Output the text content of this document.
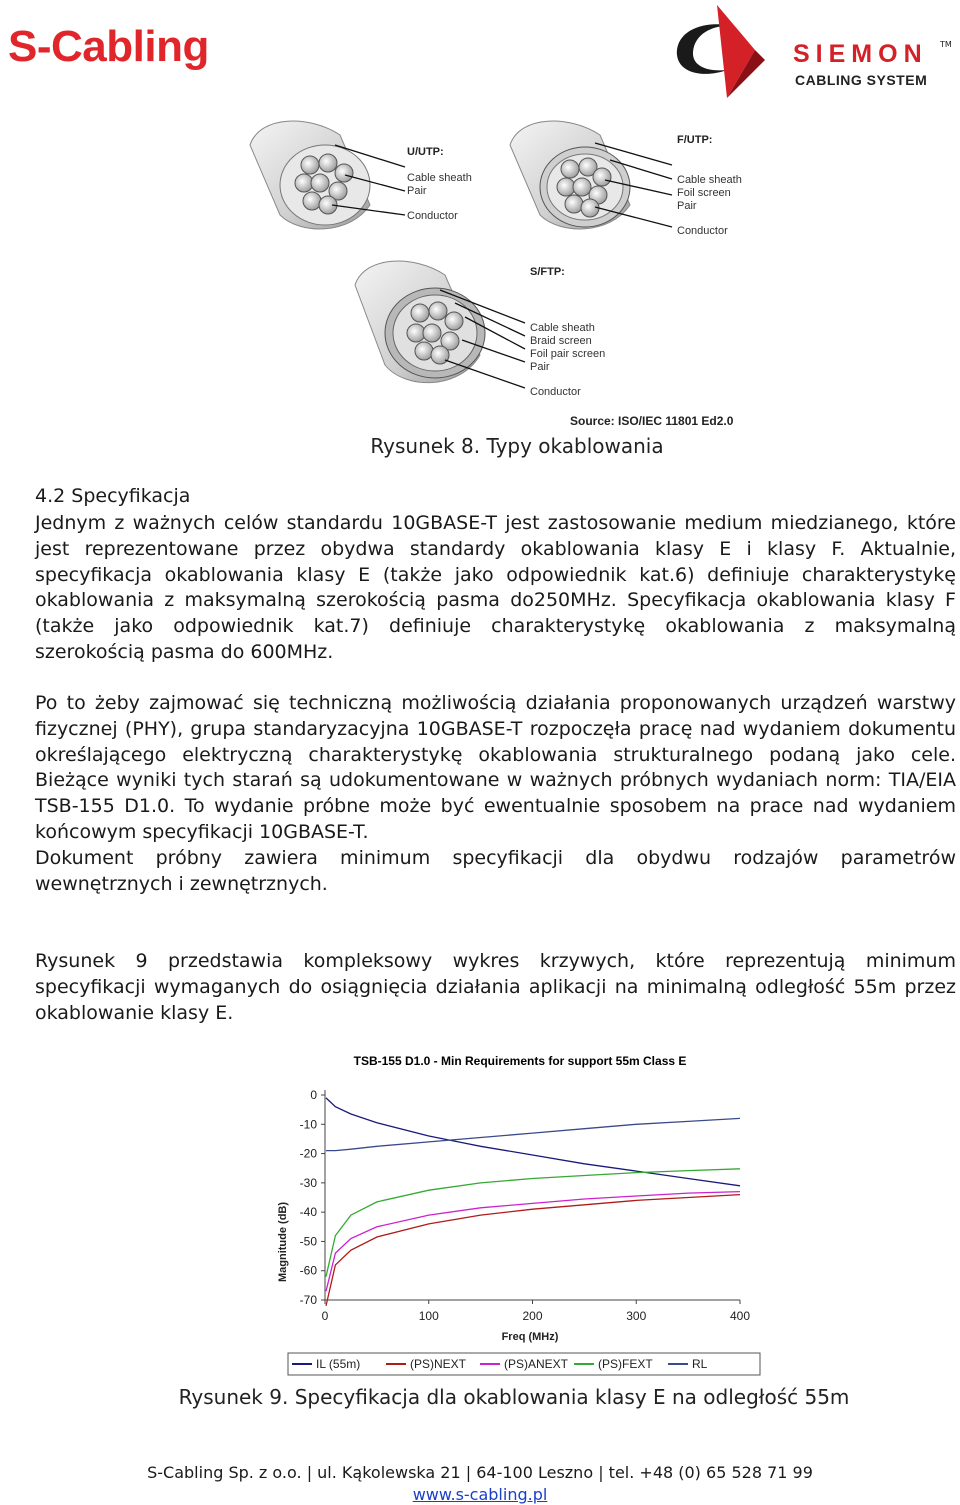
S-Cabling	SIEMON TM
CABLING SYSTEM
U/UTP:
Cable sheath
Pair
Conductor
F/UTP:
Cable sheath
Foil screen
Pair
Conductor
S/FTP:
Cable sheath
Braid screen
Foil pair screen
Pair
Conductor
Source: ISO/IEC 11801 Ed2.0
Rysunek 8. Typy okablowania
4.2 Specyfikacja

Jednym z ważnych celów standardu 10GBASE-T jest zastosowanie medium miedzianego, które jest reprezentowane przez obydwa standardy okablowania klasy E i klasy F. Aktualnie, specyfikacja okablowania klasy E (także jako odpowiednik kat.6) definiuje charakterystykę okablowania z maksymalną szerokością pasma do250MHz. Specyfikacja okablowania klasy F (także jako odpowiednik kat.7) definiuje charakterystykę okablowania z maksymalną szerokością pasma do 600MHz.

Po to żeby zajmować się techniczną możliwością działania proponowanych urządzeń warstwy fizycznej (PHY), grupa standaryzacyjna 10GBASE-T rozpoczęła pracę nad wydaniem dokumentu określającego elektryczną charakterystykę okablowania strukturalnego podaną jako cele. Bieżące wyniki tych starań są udokumentowane w ważnych próbnych wydaniach norm: TIA/EIA TSB-155 D1.0. To wydanie próbne może być ewentualnie sposobem na prace nad wydaniem końcowym specyfikacji 10GBASE-T.

Dokument próbny zawiera minimum specyfikacji dla obydwu rodzajów parametrów wewnętrznych i zewnętrznych.

Rysunek 9 przedstawia kompleksowy wykres krzywych, które reprezentują minimum specyfikacji wymaganych do osiągnięcia działania aplikacji na minimalną odległość 55m przez okablowanie klasy E.

TSB-155 D1.0 - Min Requirements for support 55m Class E
0
-10
-20
-30
-40
-50
-60
-70
0	100	200	300	400
Magnitude (dB)
Freq (MHz)
IL (55m)	(PS)NEXT	(PS)ANEXT (PS)FEXT	RL
Rysunek 9. Specyfikacja dla okablowania klasy E na odległość 55m
S-Cabling Sp. z o.o. | ul. Kąkolewska 21 | 64-100 Leszno | tel. +48 (0) 65 528 71 99
www.s-cabling.pl
